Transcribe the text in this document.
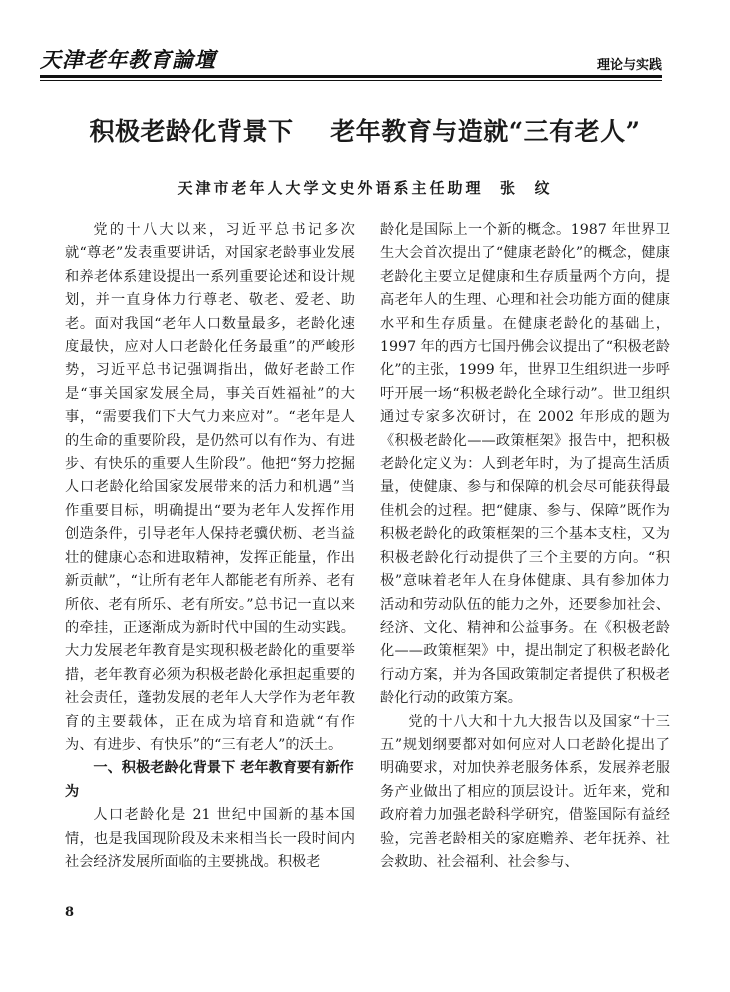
天津老年教育論壇	理论与实践
积极老龄化背景下    老年教育与造就“三有老人”
天津市老年人大学文史外语系主任助理  张  纹

党的十八大以来，习近平总书记多次就“尊老”发表重要讲话，对国家老龄事业发展和养老体系建设提出一系列重要论述和设计规划，并一直身体力行尊老、敬老、爱老、助老。面对我国“老年人口数量最多，老龄化速度最快，应对人口老龄化任务最重”的严峻形势，习近平总书记强调指出，做好老龄工作是“事关国家发展全局，事关百姓福祉”的大事，“需要我们下大气力来应对”。“老年是人的生命的重要阶段，是仍然可以有作为、有进步、有快乐的重要人生阶段”。他把“努力挖掘人口老龄化给国家发展带来的活力和机遇”当作重要目标，明确提出“要为老年人发挥作用创造条件，引导老年人保持老骥伏枥、老当益壮的健康心态和进取精神，发挥正能量，作出新贡献”，“让所有老年人都能老有所养、老有所依、老有所乐、老有所安。”总书记一直以来的牵挂，正逐渐成为新时代中国的生动实践。大力发展老年教育是实现积极老龄化的重要举措，老年教育必须为积极老龄化承担起重要的社会责任，蓬勃发展的老年人大学作为老年教育的主要载体，正在成为培育和造就“有作为、有进步、有快乐”的“三有老人”的沃土。

一、积极老龄化背景下 老年教育要有新作为

人口老龄化是 21 世纪中国新的基本国情，也是我国现阶段及未来相当长一段时间内社会经济发展所面临的主要挑战。积极老

龄化是国际上一个新的概念。1987 年世界卫生大会首次提出了“健康老龄化”的概念，健康老龄化主要立足健康和生存质量两个方向，提高老年人的生理、心理和社会功能方面的健康水平和生存质量。在健康老龄化的基础上，1997 年的西方七国丹佛会议提出了“积极老龄化”的主张，1999 年，世界卫生组织进一步呼吁开展一场“积极老龄化全球行动”。世卫组织通过专家多次研讨，在 2002 年形成的题为《积极老龄化——政策框架》报告中，把积极老龄化定义为：人到老年时，为了提高生活质量，使健康、参与和保障的机会尽可能获得最佳机会的过程。把“健康、参与、保障”既作为积极老龄化的政策框架的三个基本支柱，又为积极老龄化行动提供了三个主要的方向。“积极”意味着老年人在身体健康、具有参加体力活动和劳动队伍的能力之外，还要参加社会、经济、文化、精神和公益事务。在《积极老龄化——政策框架》中，提出制定了积极老龄化行动方案，并为各国政策制定者提供了积极老龄化行动的政策方案。

党的十八大和十九大报告以及国家“十三五”规划纲要都对如何应对人口老龄化提出了明确要求，对加快养老服务体系，发展养老服务产业做出了相应的顶层设计。近年来，党和政府着力加强老龄科学研究，借鉴国际有益经验，完善老龄相关的家庭赡养、老年抚养、社会救助、社会福利、社会参与、

8
